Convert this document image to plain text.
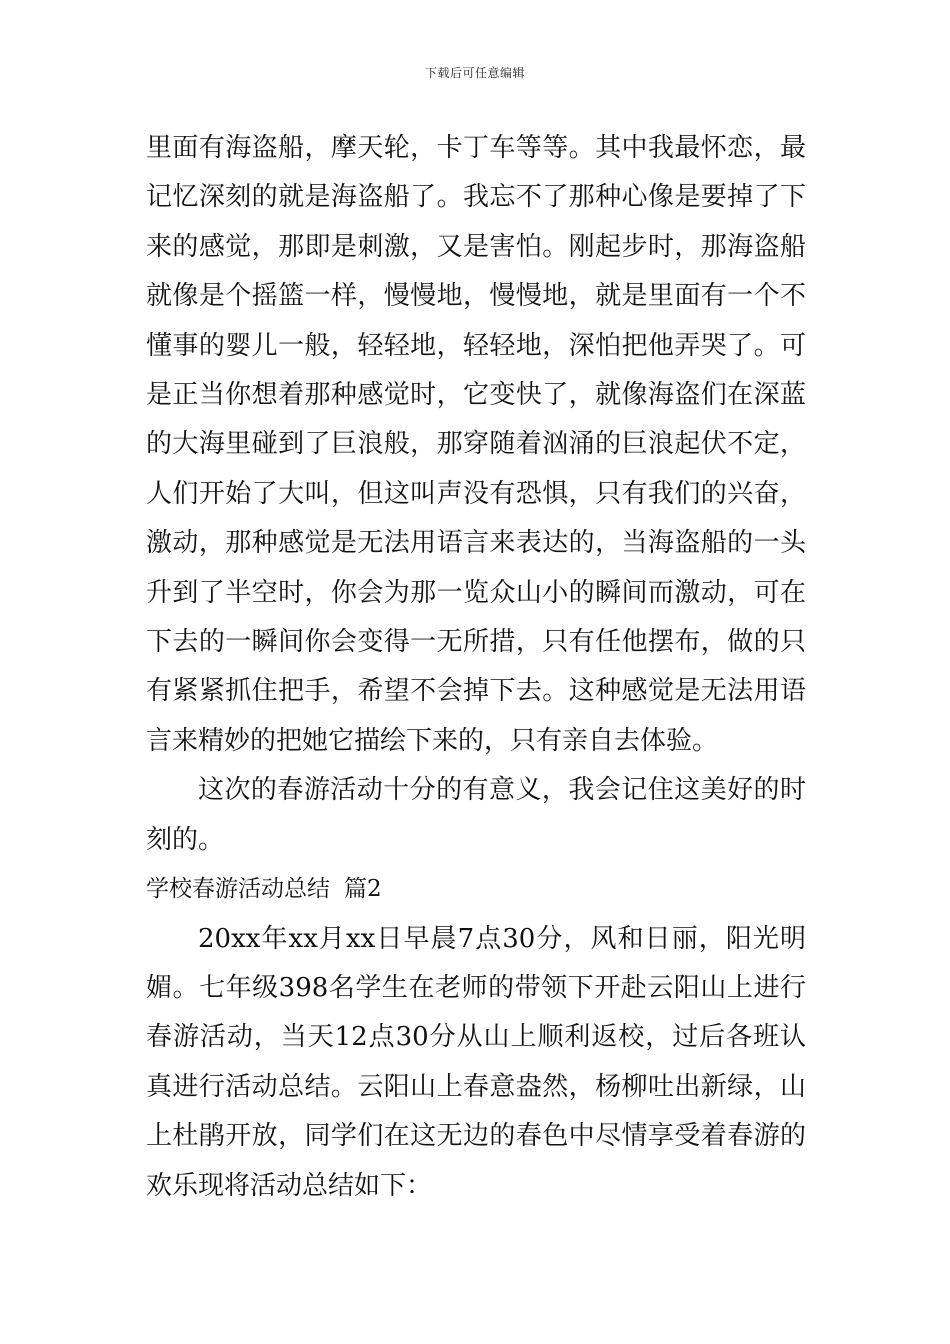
下载后可任意编辑

里面有海盗船，摩天轮，卡丁车等等。其中我最怀恋，最记忆深刻的就是海盗船了。我忘不了那种心像是要掉了下来的感觉，那即是刺激，又是害怕。刚起步时，那海盗船就像是个摇篮一样，慢慢地，慢慢地，就是里面有一个不懂事的婴儿一般，轻轻地，轻轻地，深怕把他弄哭了。可是正当你想着那种感觉时，它变快了，就像海盗们在深蓝的大海里碰到了巨浪般，那穿随着汹涌的巨浪起伏不定，人们开始了大叫，但这叫声没有恐惧，只有我们的兴奋，激动，那种感觉是无法用语言来表达的，当海盗船的一头升到了半空时，你会为那一览众山小的瞬间而激动，可在下去的一瞬间你会变得一无所措，只有任他摆布，做的只有紧紧抓住把手，希望不会掉下去。这种感觉是无法用语言来精妙的把她它描绘下来的，只有亲自去体验。

这次的春游活动十分的有意义，我会记住这美好的时刻的。

学校春游活动总结 篇2

20xx年xx月xx日早晨7点30分，风和日丽，阳光明媚。七年级398名学生在老师的带领下开赴云阳山上进行春游活动，当天12点30分从山上顺利返校，过后各班认真进行活动总结。云阳山上春意盎然，杨柳吐出新绿，山上杜鹃开放，同学们在这无边的春色中尽情享受着春游的欢乐现将活动总结如下：
